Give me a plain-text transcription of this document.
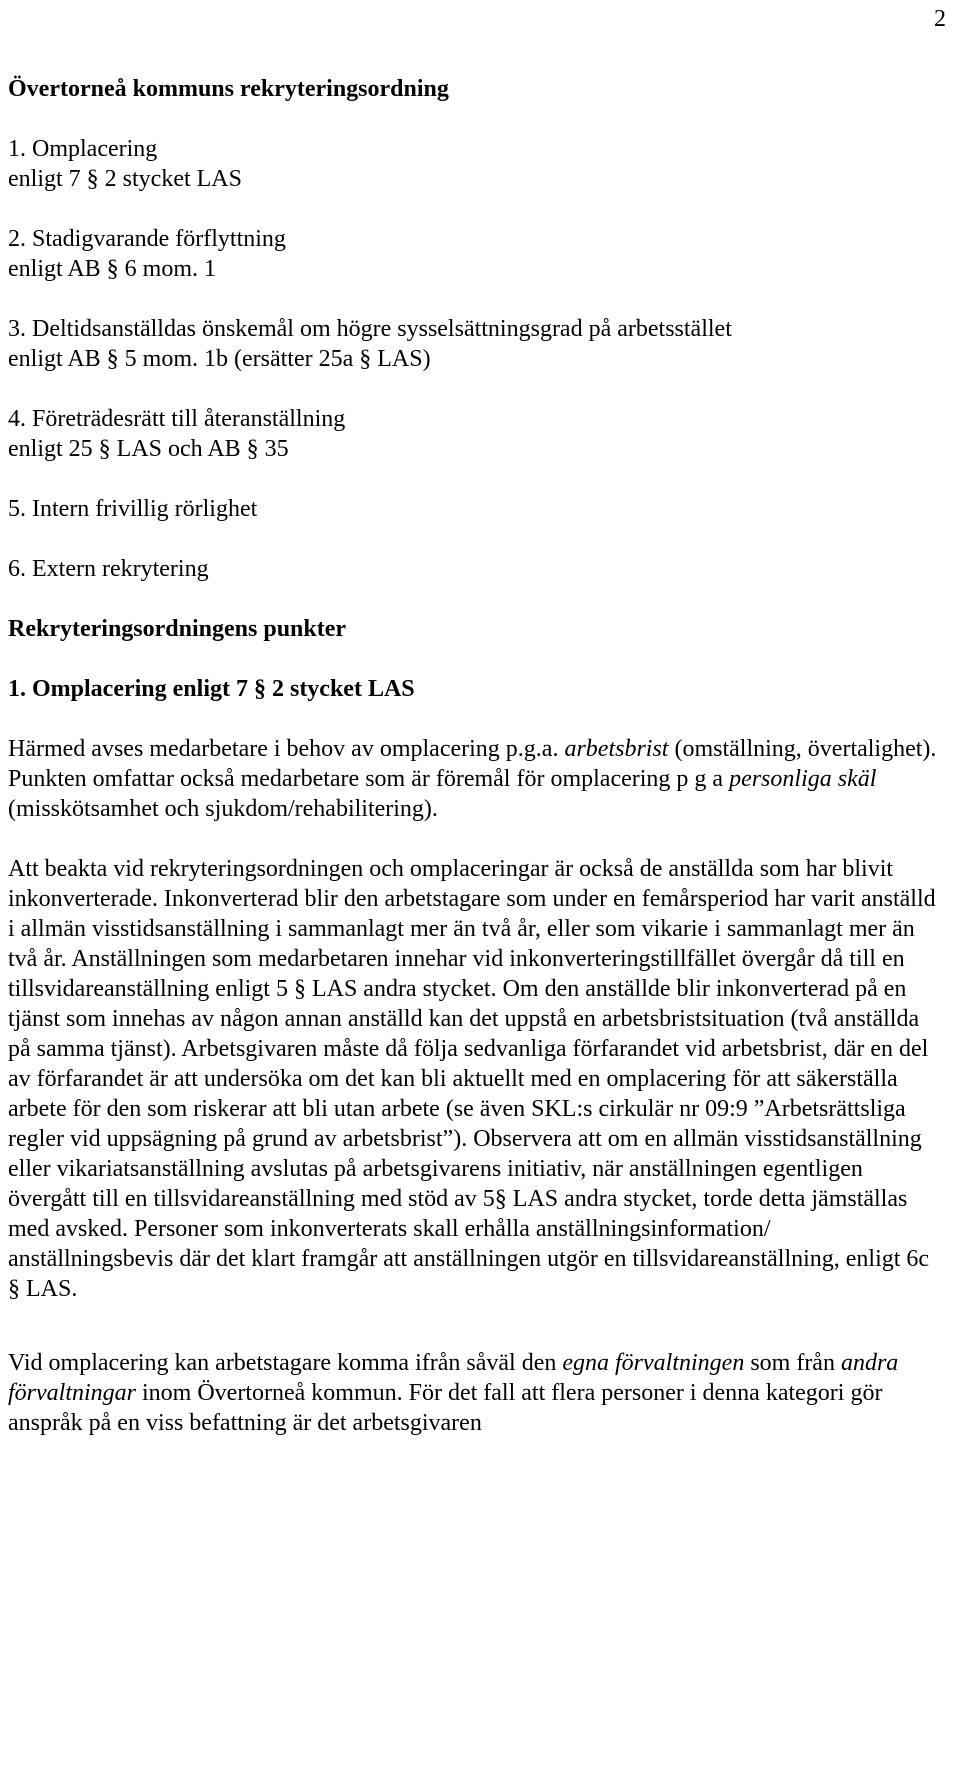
2
Övertorneå kommuns rekryteringsordning
1. Omplacering
enligt 7 § 2 stycket LAS
2. Stadigvarande förflyttning
enligt AB § 6 mom. 1
3. Deltidsanställdas önskemål om högre sysselsättningsgrad på arbetsstället
enligt AB § 5 mom. 1b (ersätter 25a § LAS)
4. Företrädesrätt till återanställning
enligt 25 § LAS och AB § 35
5. Intern frivillig rörlighet
6. Extern rekrytering
Rekryteringsordningens punkter
1. Omplacering enligt 7 § 2 stycket LAS

Härmed avses medarbetare i behov av omplacering p.g.a. arbetsbrist (omställning, övertalighet). Punkten omfattar också medarbetare som är föremål för omplacering p g a personliga skäl (misskötsamhet och sjukdom/rehabilitering).

Att beakta vid rekryteringsordningen och omplaceringar är också de anställda som har blivit inkonverterade. Inkonverterad blir den arbetstagare som under en femårsperiod har varit anställd i allmän visstidsanställning i sammanlagt mer än två år, eller som vikarie i sammanlagt mer än två år. Anställningen som medarbetaren innehar vid inkonverteringstillfället övergår då till en tillsvidareanställning enligt 5 § LAS andra stycket. Om den anställde blir inkonverterad på en tjänst som innehas av någon annan anställd kan det uppstå en arbetsbristsituation (två anställda på samma tjänst). Arbetsgivaren måste då följa sedvanliga förfarandet vid arbetsbrist, där en del av förfarandet är att undersöka om det kan bli aktuellt med en omplacering för att säkerställa arbete för den som riskerar att bli utan arbete (se även SKL:s cirkulär nr 09:9 ”Arbetsrättsliga regler vid uppsägning på grund av arbetsbrist”). Observera att om en allmän visstidsanställning eller vikariatsanställning avslutas på arbetsgivarens initiativ, när anställningen egentligen övergått till en tillsvidareanställning med stöd av 5§ LAS andra stycket, torde detta jämställas med avsked. Personer som inkonverterats skall erhålla anställningsinformation/ anställningsbevis där det klart framgår att anställningen utgör en tillsvidareanställning, enligt 6c § LAS.

Vid omplacering kan arbetstagare komma ifrån såväl den egna förvaltningen som från andra förvaltningar inom Övertorneå kommun. För det fall att flera personer i denna kategori gör anspråk på en viss befattning är det arbetsgivaren
